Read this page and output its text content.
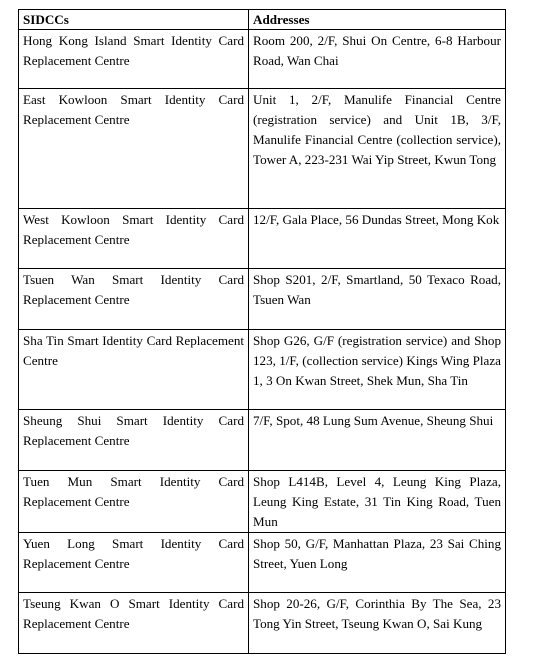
SIDCCs	Addresses
Hong Kong Island Smart Identity Card Replacement Centre	Room 200, 2/F, Shui On Centre, 6-8 Harbour Road, Wan Chai
East Kowloon Smart Identity Card Replacement Centre	Unit 1, 2/F, Manulife Financial Centre (registration service) and Unit 1B, 3/F, Manulife Financial Centre (collection service), Tower A, 223-231 Wai Yip Street, Kwun Tong
West Kowloon Smart Identity Card Replacement Centre	12/F, Gala Place, 56 Dundas Street, Mong Kok
Tsuen Wan Smart Identity Card Replacement Centre	Shop S201, 2/F, Smartland, 50 Texaco Road, Tsuen Wan
Sha Tin Smart Identity Card Replacement Centre	Shop G26, G/F (registration service) and Shop 123, 1/F, (collection service) Kings Wing Plaza 1, 3 On Kwan Street, Shek Mun, Sha Tin
Sheung Shui Smart Identity Card Replacement Centre	7/F, Spot, 48 Lung Sum Avenue, Sheung Shui
Tuen Mun Smart Identity Card Replacement Centre	Shop L414B, Level 4, Leung King Plaza, Leung King Estate, 31 Tin King Road, Tuen Mun
Yuen Long Smart Identity Card Replacement Centre	Shop 50, G/F, Manhattan Plaza, 23 Sai Ching Street, Yuen Long
Tseung Kwan O Smart Identity Card Replacement Centre	Shop 20-26, G/F, Corinthia By The Sea, 23 Tong Yin Street, Tseung Kwan O, Sai Kung
